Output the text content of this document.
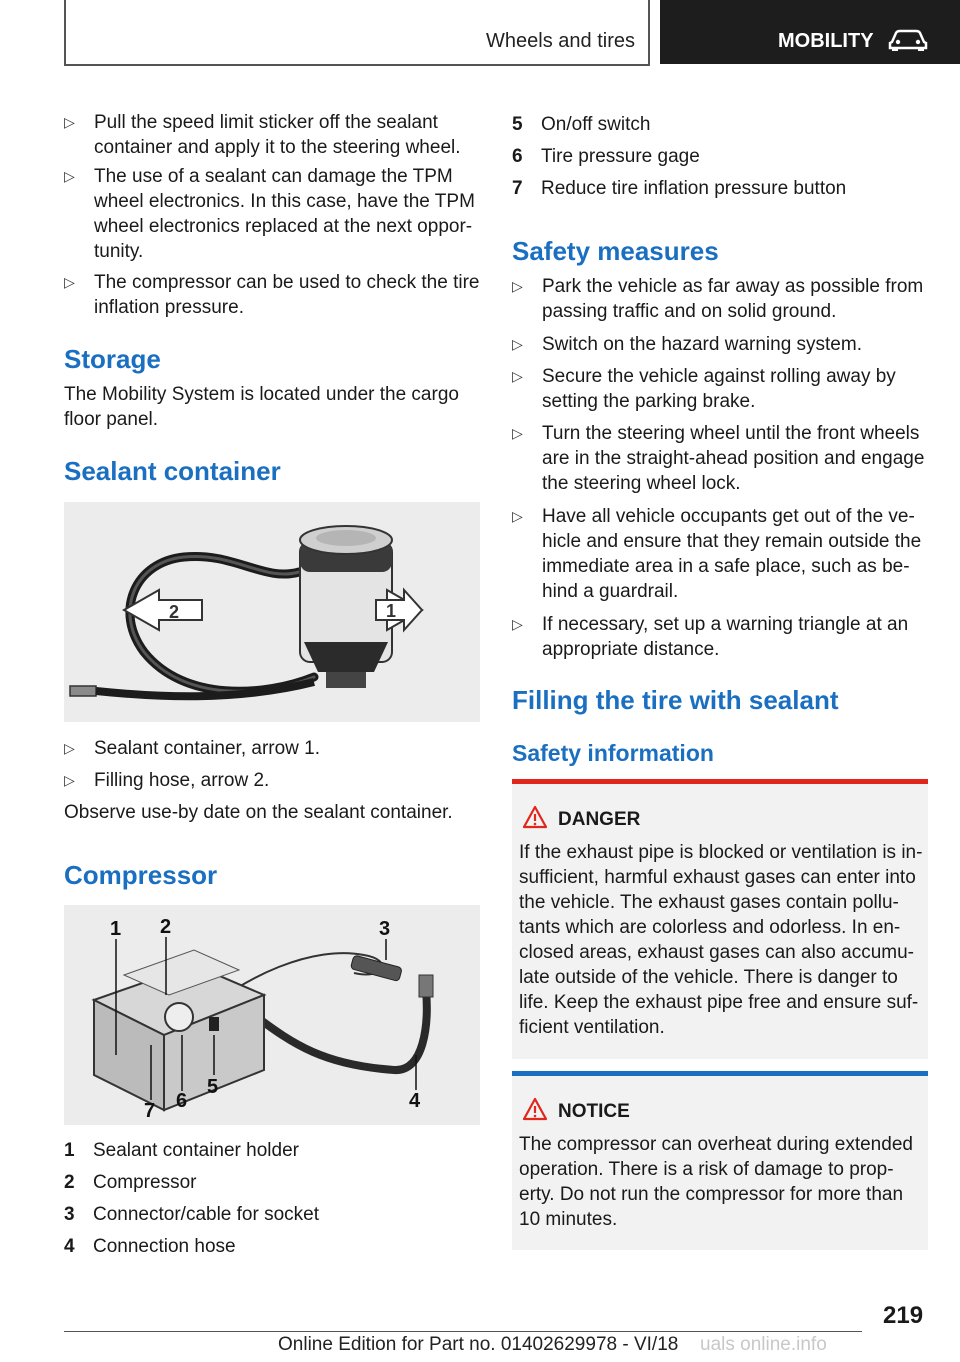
Wheels and tires	MOBILITY
▷ Pull the speed limit sticker off the sealant container and apply it to the steering wheel.
▷ The use of a sealant can damage the TPM wheel electronics. In this case, have the TPM wheel electronics replaced at the next oppor‐tunity.
▷ The compressor can be used to check the tire inflation pressure.
Storage
The Mobility System is located under the cargo floor panel.
Sealant container
2	1
▷ Sealant container, arrow 1.
▷ Filling hose, arrow 2.
Observe use-by date on the sealant container.
Compressor
1 2	3
4
5
6
7
1 Sealant container holder
2 Compressor
3 Connector/cable for socket
4 Connection hose
5 On/off switch
6 Tire pressure gage
7 Reduce tire inflation pressure button
Safety measures
▷ Park the vehicle as far away as possible from passing traffic and on solid ground.
▷ Switch on the hazard warning system.
▷ Secure the vehicle against rolling away by setting the parking brake.
▷ Turn the steering wheel until the front wheels are in the straight-ahead position and engage the steering wheel lock.
▷ Have all vehicle occupants get out of the ve‐hicle and ensure that they remain outside the immediate area in a safe place, such as be‐hind a guardrail.
▷ If necessary, set up a warning triangle at an appropriate distance.
Filling the tire with sealant
Safety information
DANGER
If the exhaust pipe is blocked or ventilation is in‐sufficient, harmful exhaust gases can enter into the vehicle. The exhaust gases contain pollu‐tants which are colorless and odorless. In en‐closed areas, exhaust gases can also accumu‐late outside of the vehicle. There is danger to life. Keep the exhaust pipe free and ensure suf‐ficient ventilation.
NOTICE
The compressor can overheat during extended operation. There is a risk of damage to prop‐erty. Do not run the compressor for more than 10 minutes.
219
Online Edition for Part no. 01402629978 - VI/18 uals online.info
